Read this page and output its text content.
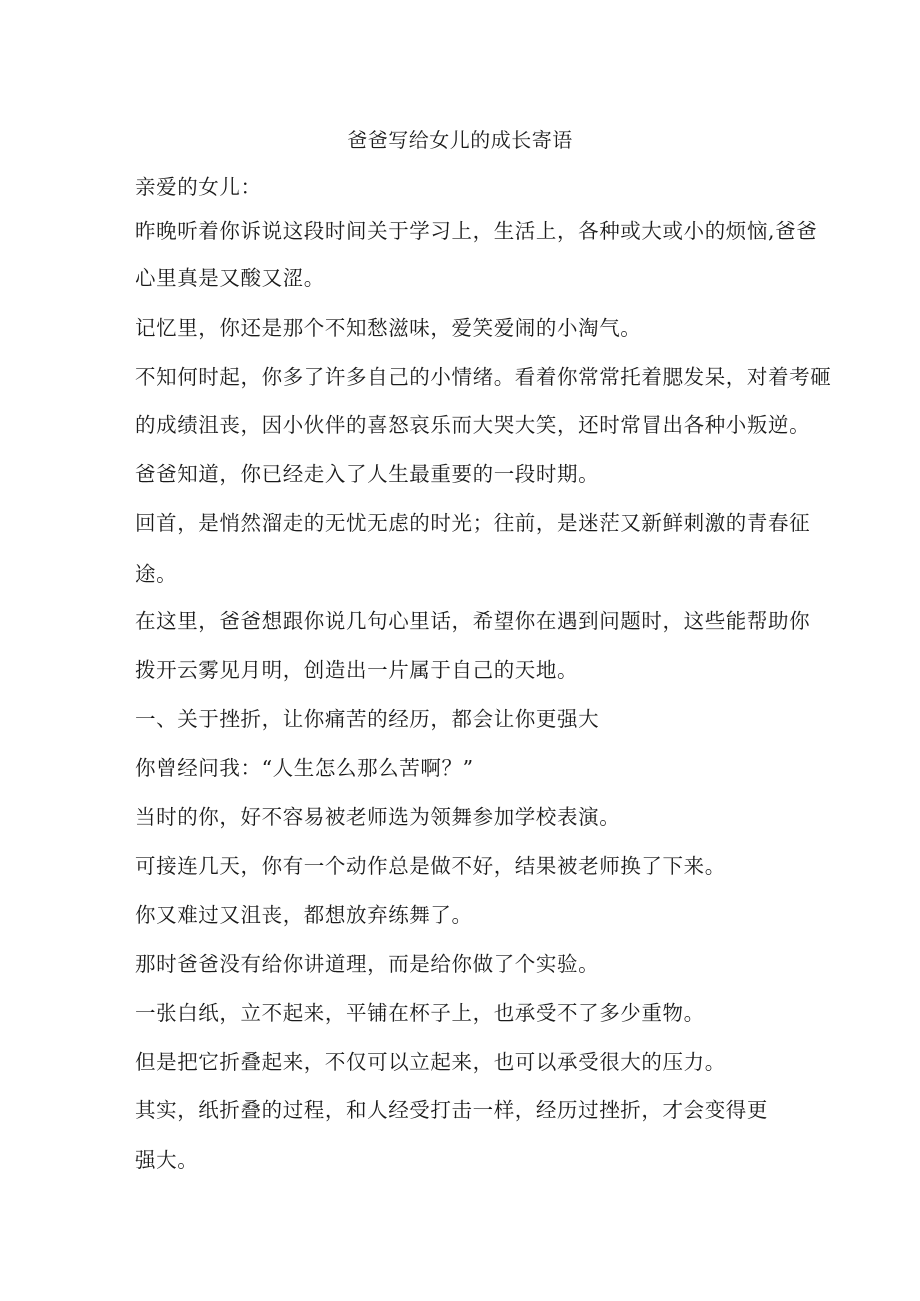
爸爸写给女儿的成长寄语
亲爱的女儿：
昨晚听着你诉说这段时间关于学习上，生活上，各种或大或小的烦恼,爸爸
心里真是又酸又涩。
记忆里，你还是那个不知愁滋味，爱笑爱闹的小淘气。
不知何时起，你多了许多自己的小情绪。看着你常常托着腮发呆，对着考砸
的成绩沮丧，因小伙伴的喜怒哀乐而大哭大笑，还时常冒出各种小叛逆。
爸爸知道，你已经走入了人生最重要的一段时期。
回首，是悄然溜走的无忧无虑的时光；往前，是迷茫又新鲜刺激的青春征
途。
在这里，爸爸想跟你说几句心里话，希望你在遇到问题时，这些能帮助你
拨开云雾见月明，创造出一片属于自己的天地。
一、关于挫折，让你痛苦的经历，都会让你更强大
你曾经问我：“人生怎么那么苦啊？”
当时的你，好不容易被老师选为领舞参加学校表演。
可接连几天，你有一个动作总是做不好，结果被老师换了下来。
你又难过又沮丧，都想放弃练舞了。
那时爸爸没有给你讲道理，而是给你做了个实验。
一张白纸，立不起来，平铺在杯子上，也承受不了多少重物。
但是把它折叠起来，不仅可以立起来，也可以承受很大的压力。
其实，纸折叠的过程，和人经受打击一样，经历过挫折，才会变得更
强大。
